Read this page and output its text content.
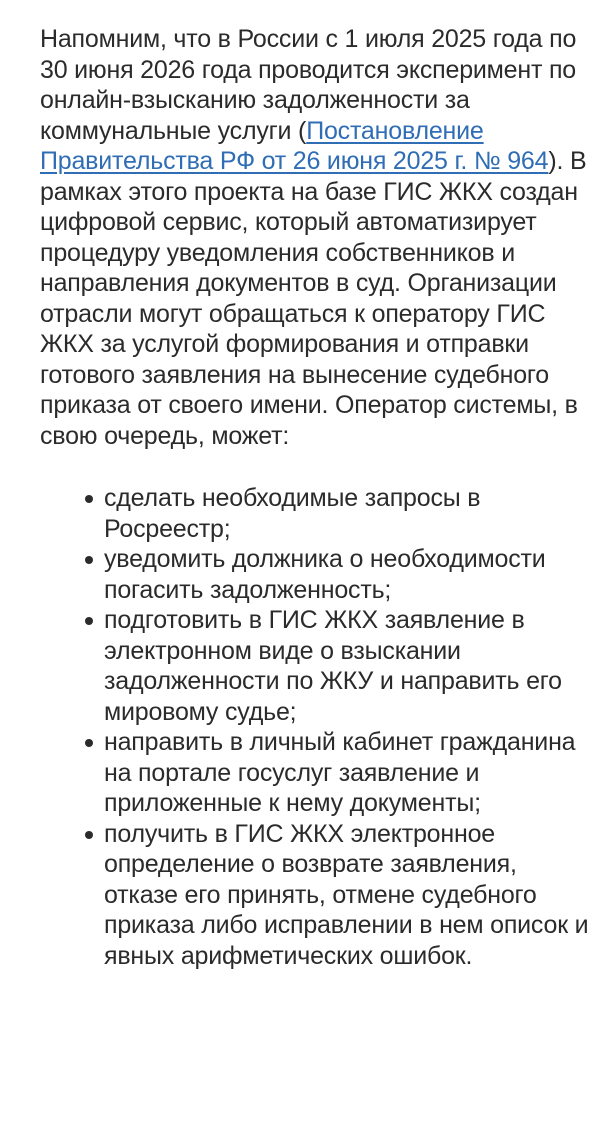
Напомним, что в России с 1 июля 2025 года по 30 июня 2026 года проводится эксперимент по онлайн-взысканию задолженности за коммунальные услуги (Постановление Правительства РФ от 26 июня 2025 г. № 964). В рамках этого проекта на базе ГИС ЖКХ создан цифровой сервис, который автоматизирует процедуру уведомления собственников и направления документов в суд. Организации отрасли могут обращаться к оператору ГИС ЖКХ за услугой формирования и отправки готового заявления на вынесение судебного приказа от своего имени. Оператор системы, в свою очередь, может:

сделать необходимые запросы в Росреестр;
уведомить должника о необходимости погасить задолженность;
подготовить в ГИС ЖКХ заявление в электронном виде о взыскании задолженности по ЖКУ и направить его мировому судье;
направить в личный кабинет гражданина на портале госуслуг заявление и приложенные к нему документы;
получить в ГИС ЖКХ электронное определение о возврате заявления, отказе его принять, отмене судебного приказа либо исправлении в нем описок и явных арифметических ошибок.
